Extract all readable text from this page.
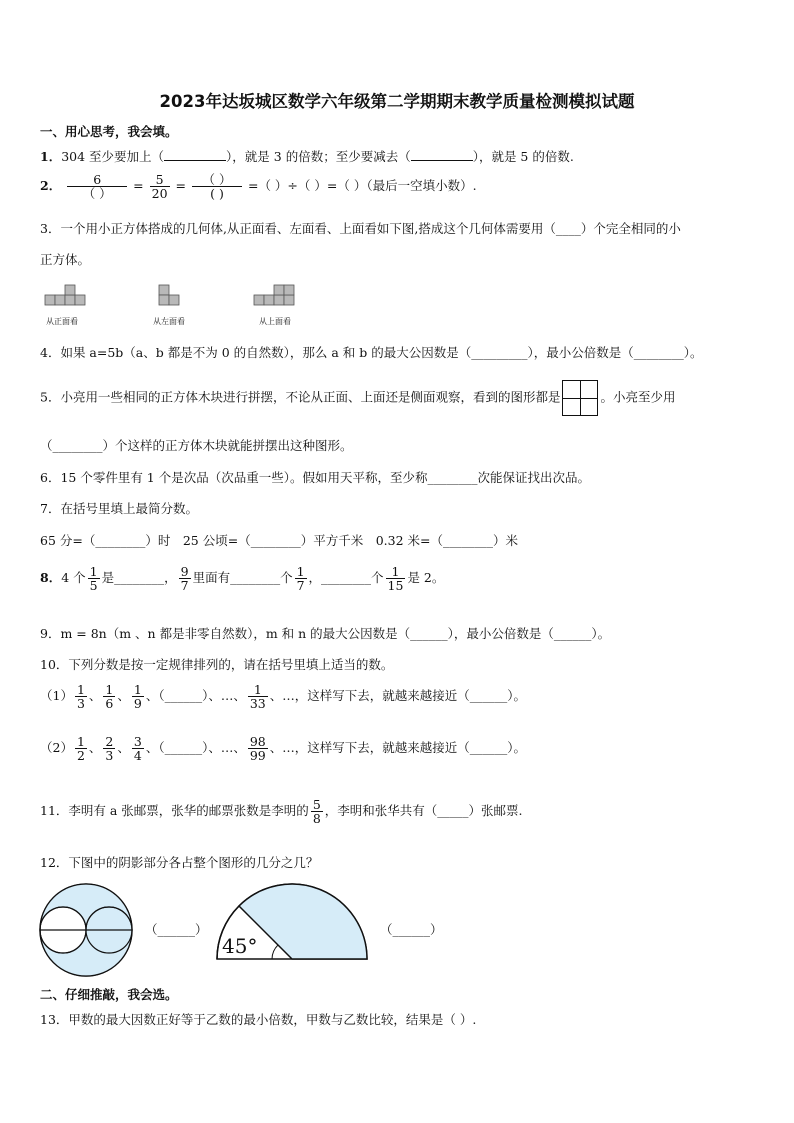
2023年达坂城区数学六年级第二学期期末教学质量检测模拟试题
一、用心思考，我会填。
1．304 至少要加上（	），就是 3 的倍数；至少要减去（	），就是 5 的倍数.
2． $\frac{6}{( )} = \frac{5}{20} = \frac{( )}{( )}$ =（ ）÷（ ）=（ ）（最后一空填小数）.
3．一个用小正方体搭成的几何体,从正面看、左面看、上面看如下图,搭成这个几何体需要用（____）个完全相同的小
正方体。
从正面看	从左面看	从上面看
4．如果 a=5b（a、b 都是不为 0 的自然数），那么 a 和 b 的最大公因数是（_________），最小公倍数是（________）。
5．小亮用一些相同的正方体木块进行拼摆，不论从正面、上面还是侧面观察，看到的图形都是	。小亮至少用
（________）个这样的正方体木块就能拼摆出这种图形。
6．15 个零件里有 1 个是次品（次品重一些）。假如用天平称，至少称________次能保证找出次品。
7．在括号里填上最简分数。
65 分=（________）时　25 公顷=（________）平方千米　0.32 米=（________）米
8．4 个 $\frac{1}{5}$ 是________， $\frac{9}{7}$ 里面有________个 $\frac{1}{7}$ ，________个 $\frac{1}{15}$ 是 2。
9．m = 8n（m 、n 都是非零自然数），m 和 n 的最大公因数是（______），最小公倍数是（______）。
10．下列分数是按一定规律排列的，请在括号里填上适当的数。
$(1) \frac{1}{3}$ 、 $\frac{1}{6}$ 、 $\frac{1}{9}$ 、（______）、…、 $\frac{1}{33}$ 、…，这样写下去，就越来越接近（______）。
$(2) \frac{1}{2}$ 、 $\frac{2}{3}$ 、 $\frac{3}{4}$ 、（______）、…、 $\frac{98}{99}$ 、…，这样写下去，就越来越接近（______）。
11．李明有 a 张邮票，张华的邮票张数是李明的 $\frac{5}{8}$ ，李明和张华共有（_____）张邮票.
12．下图中的阴影部分各占整个图形的几分之几？
（______）
45°
（______）
二、仔细推敲，我会选。
13．甲数的最大因数正好等于乙数的最小倍数，甲数与乙数比较，结果是（ ）.
